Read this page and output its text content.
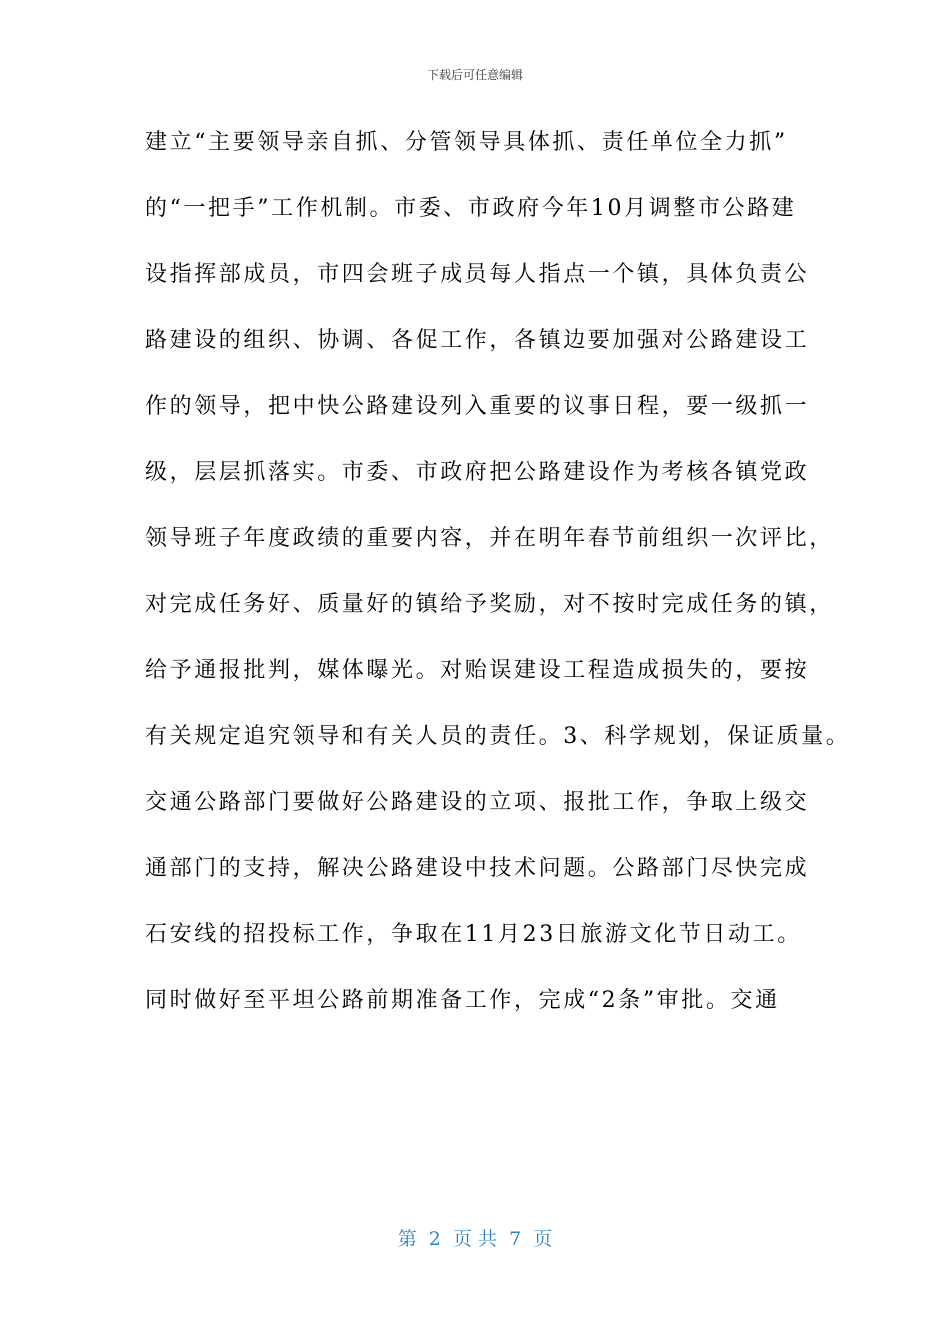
下载后可任意编辑
建立“主要领导亲自抓、分管领导具体抓、责任单位全力抓”
的“一把手”工作机制。市委、市政府今年10月调整市公路建
设指挥部成员，市四会班子成员每人指点一个镇，具体负责公
路建设的组织、协调、各促工作，各镇边要加强对公路建设工
作的领导，把中快公路建设列入重要的议事日程，要一级抓一
级，层层抓落实。市委、市政府把公路建设作为考核各镇党政
领导班子年度政绩的重要内容，并在明年春节前组织一次评比，
对完成任务好、质量好的镇给予奖励，对不按时完成任务的镇，
给予通报批判，媒体曝光。对贻误建设工程造成损失的，要按
有关规定追究领导和有关人员的责任。3、科学规划，保证质量。
交通公路部门要做好公路建设的立项、报批工作，争取上级交
通部门的支持，解决公路建设中技术问题。公路部门尽快完成
石安线的招投标工作，争取在11月23日旅游文化节日动工。
同时做好至平坦公路前期准备工作，完成“2条”审批。交通
第  2  页 共  7  页
